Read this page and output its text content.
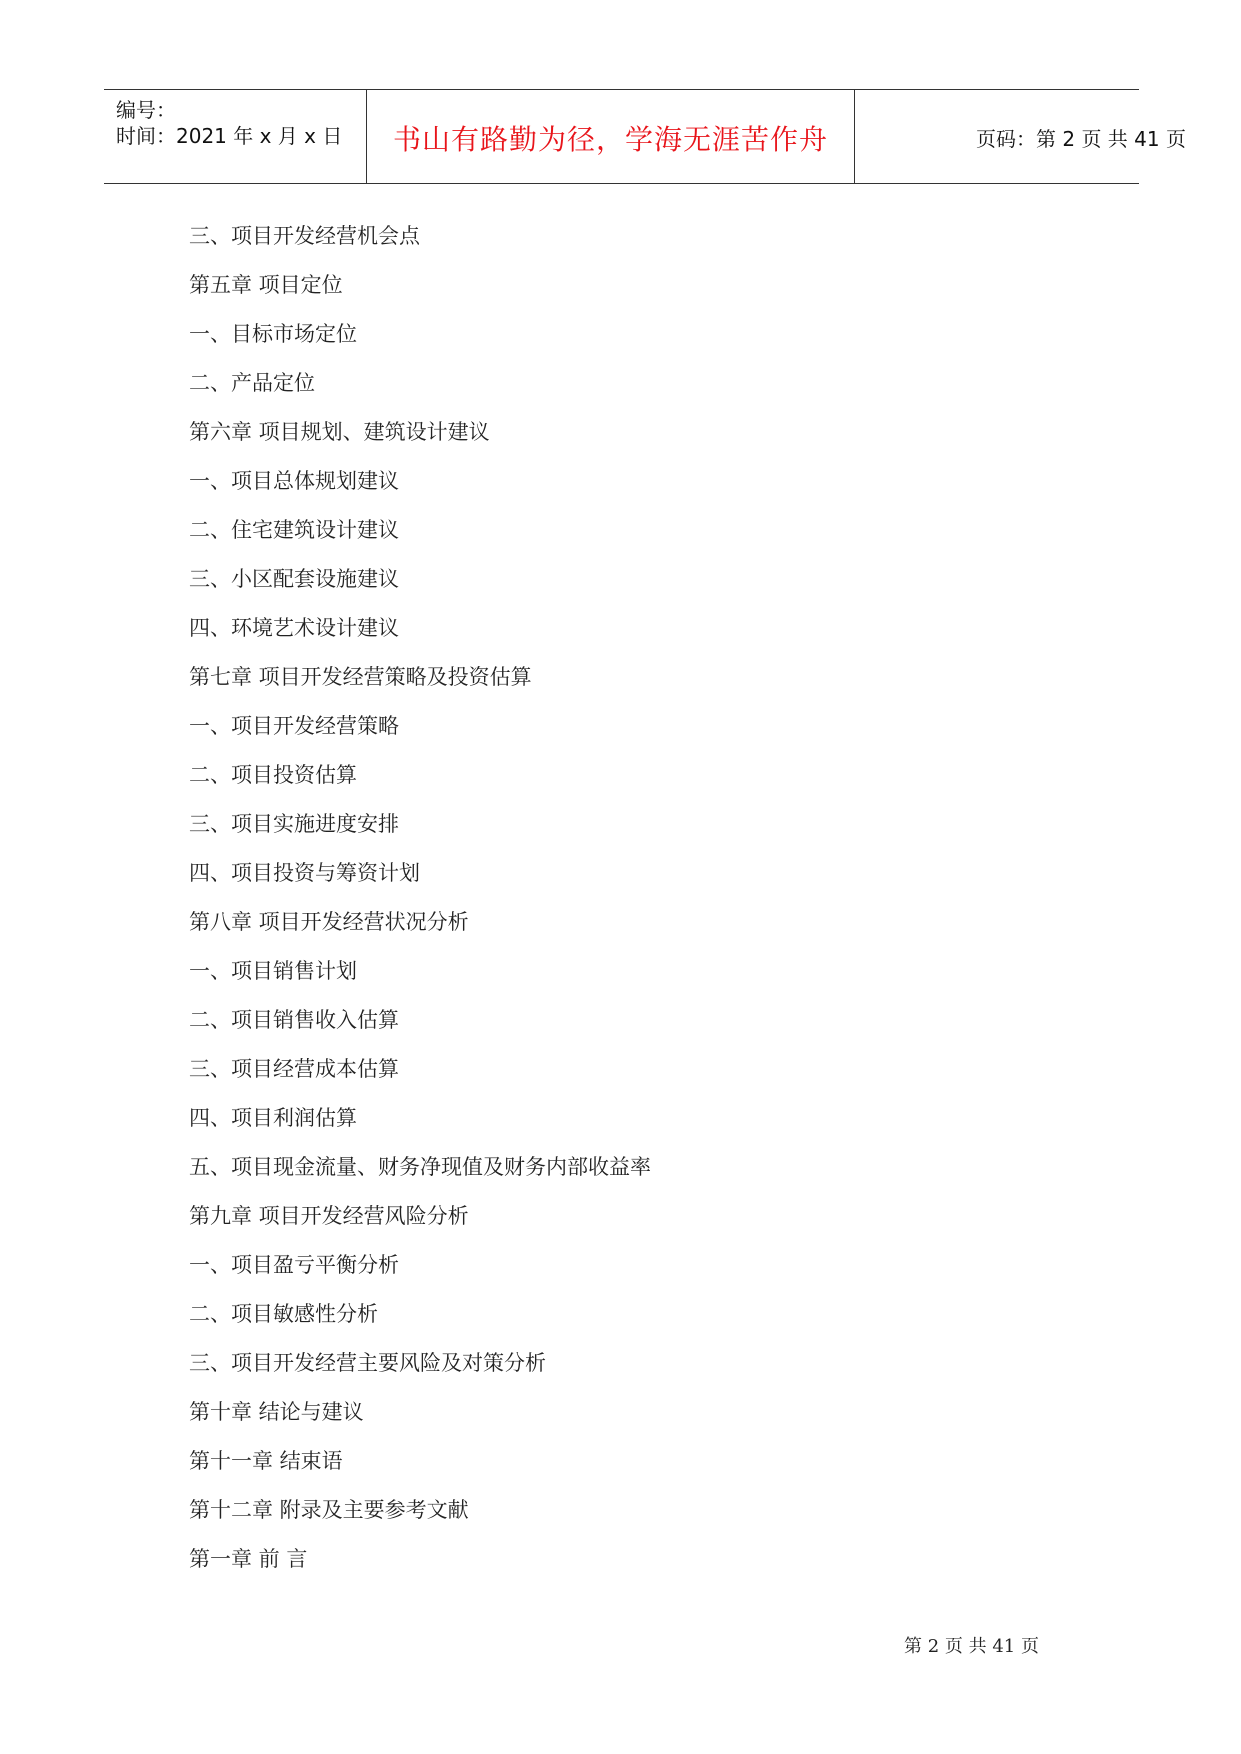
编号：
时间：2021 年 x 月 x 日	书山有路勤为径，学海无涯苦作舟	页码：第 2 页 共 41 页
三、项目开发经营机会点
第五章 项目定位
一、目标市场定位
二、产品定位
第六章 项目规划、建筑设计建议
一、项目总体规划建议
二、住宅建筑设计建议
三、小区配套设施建议
四、环境艺术设计建议
第七章 项目开发经营策略及投资估算
一、项目开发经营策略
二、项目投资估算
三、项目实施进度安排
四、项目投资与筹资计划
第八章 项目开发经营状况分析
一、项目销售计划
二、项目销售收入估算
三、项目经营成本估算
四、项目利润估算
五、项目现金流量、财务净现值及财务内部收益率
第九章 项目开发经营风险分析
一、项目盈亏平衡分析
二、项目敏感性分析
三、项目开发经营主要风险及对策分析
第十章 结论与建议
第十一章 结束语
第十二章 附录及主要参考文献
第一章 前 言
第 2 页 共 41 页
